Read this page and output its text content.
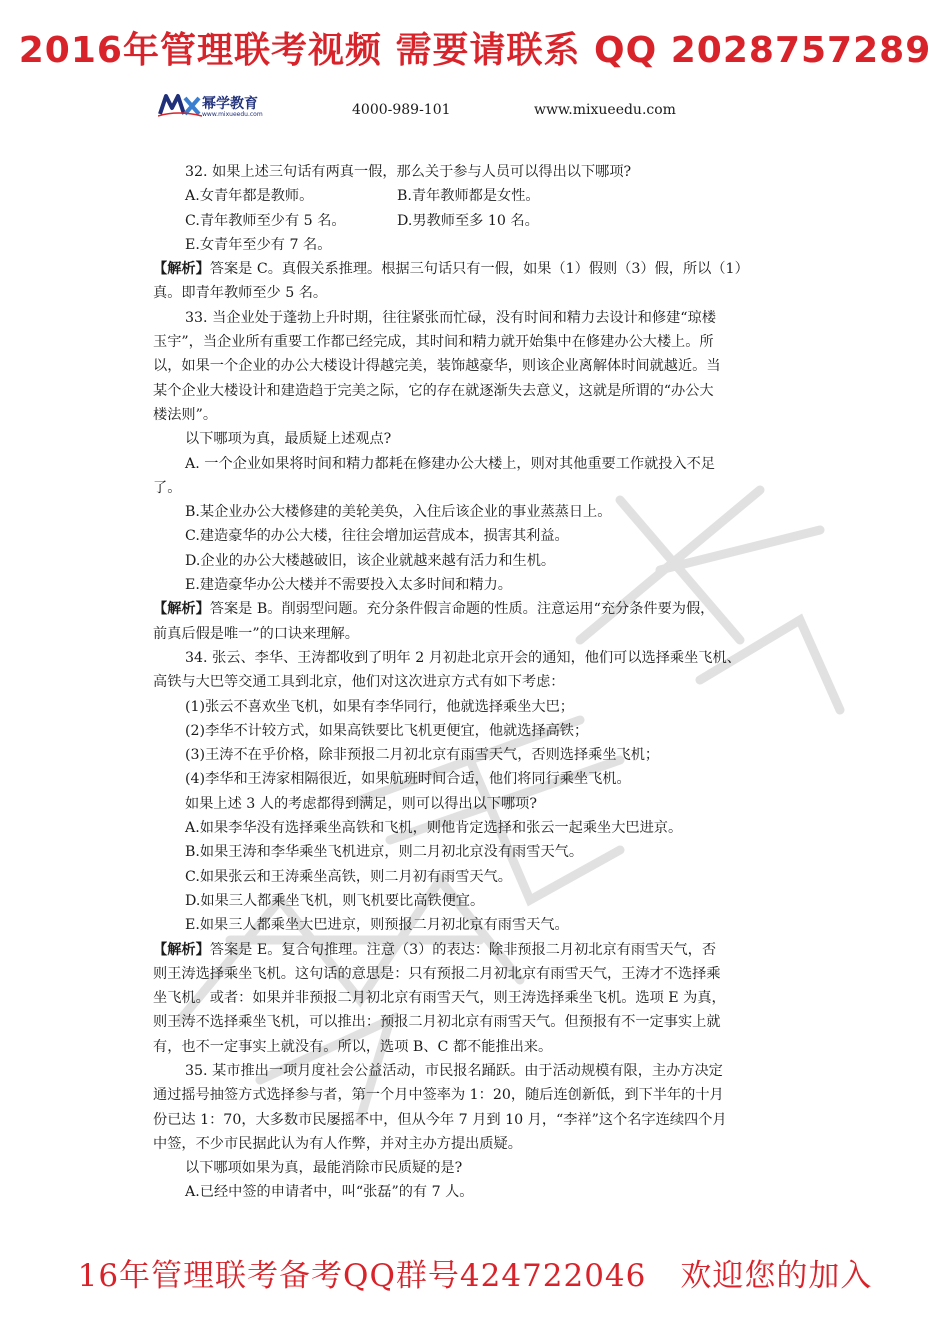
2016年管理联考视频 需要请联系 QQ 2028757289
幂学教育
www.mixueedu.com	4000-989-101	www.mixueedu.com

32. 如果上述三句话有两真一假，那么关于参与人员可以得出以下哪项?

A.女青年都是教师。	B.青年教师都是女性。

C.青年教师至少有 5 名。	D.男教师至多 10 名。

E.女青年至少有 7 名。

【解析】答案是 C。真假关系推理。根据三句话只有一假，如果（1）假则（3）假，所以（1）

真。即青年教师至少 5 名。

33. 当企业处于蓬勃上升时期，往往紧张而忙碌，没有时间和精力去设计和修建“琼楼

玉宇”，当企业所有重要工作都已经完成，其时间和精力就开始集中在修建办公大楼上。所

以，如果一个企业的办公大楼设计得越完美，装饰越豪华，则该企业离解体时间就越近。当

某个企业大楼设计和建造趋于完美之际，它的存在就逐渐失去意义，这就是所谓的“办公大

楼法则”。

以下哪项为真，最质疑上述观点?

A. 一个企业如果将时间和精力都耗在修建办公大楼上，则对其他重要工作就投入不足

了。

B.某企业办公大楼修建的美轮美奂，入住后该企业的事业蒸蒸日上。

C.建造豪华的办公大楼，往往会增加运营成本，损害其利益。

D.企业的办公大楼越破旧，该企业就越来越有活力和生机。

E.建造豪华办公大楼并不需要投入太多时间和精力。

【解析】答案是 B。削弱型问题。充分条件假言命题的性质。注意运用“充分条件要为假，

前真后假是唯一”的口诀来理解。

34. 张云、李华、王涛都收到了明年 2 月初赴北京开会的通知，他们可以选择乘坐飞机、

高铁与大巴等交通工具到北京，他们对这次进京方式有如下考虑：

(1)张云不喜欢坐飞机，如果有李华同行，他就选择乘坐大巴；

(2)李华不计较方式，如果高铁要比飞机更便宜，他就选择高铁；

(3)王涛不在乎价格，除非预报二月初北京有雨雪天气，否则选择乘坐飞机；

(4)李华和王涛家相隔很近，如果航班时间合适，他们将同行乘坐飞机。

如果上述 3 人的考虑都得到满足，则可以得出以下哪项?

A.如果李华没有选择乘坐高铁和飞机，则他肯定选择和张云一起乘坐大巴进京。

B.如果王涛和李华乘坐飞机进京，则二月初北京没有雨雪天气。

C.如果张云和王涛乘坐高铁，则二月初有雨雪天气。

D.如果三人都乘坐飞机，则飞机要比高铁便宜。

E.如果三人都乘坐大巴进京，则预报二月初北京有雨雪天气。

【解析】答案是 E。复合句推理。注意（3）的表达：除非预报二月初北京有雨雪天气，否

则王涛选择乘坐飞机。这句话的意思是：只有预报二月初北京有雨雪天气，王涛才不选择乘

坐飞机。或者：如果并非预报二月初北京有雨雪天气，则王涛选择乘坐飞机。选项 E 为真，

则王涛不选择乘坐飞机，可以推出：预报二月初北京有雨雪天气。但预报有不一定事实上就

有，也不一定事实上就没有。所以，选项 B、C 都不能推出来。

35. 某市推出一项月度社会公益活动，市民报名踊跃。由于活动规模有限，主办方决定

通过摇号抽签方式选择参与者，第一个月中签率为 1：20，随后连创新低，到下半年的十月

份已达 1：70，大多数市民屡摇不中，但从今年 7 月到 10 月，“李祥”这个名字连续四个月

中签，不少市民据此认为有人作弊，并对主办方提出质疑。

以下哪项如果为真，最能消除市民质疑的是?

A.已经中签的申请者中，叫“张磊”的有 7 人。

16年管理联考备考QQ群号424722046 欢迎您的加入
